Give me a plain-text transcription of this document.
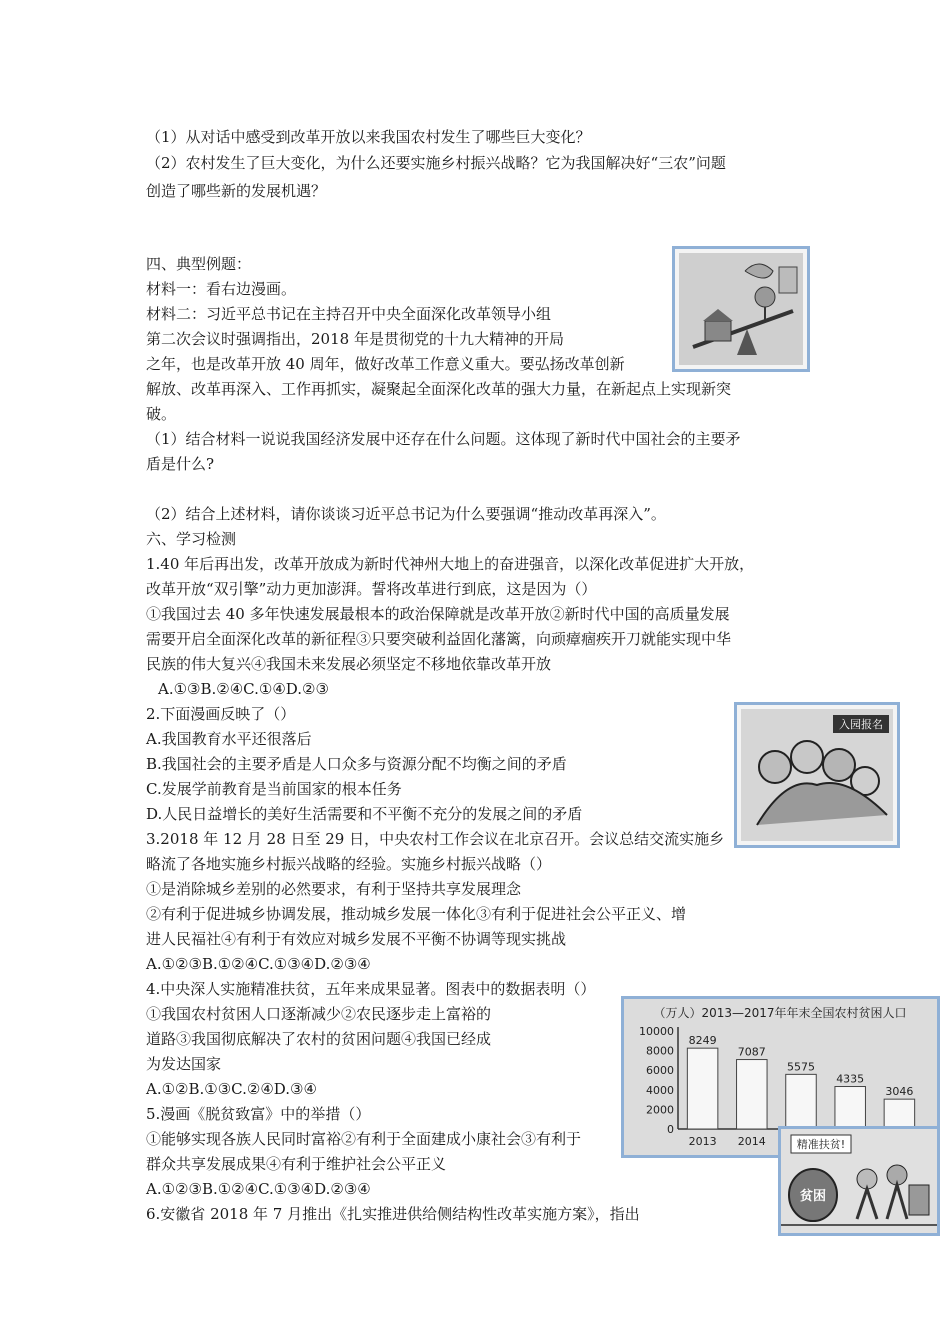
（1）从对话中感受到改革开放以来我国农村发生了哪些巨大变化？
（2）农村发生了巨大变化，为什么还要实施乡村振兴战略？它为我国解决好“三农”问题
创造了哪些新的发展机遇？
四、典型例题：
材料一：看右边漫画。
材料二：习近平总书记在主持召开中央全面深化改革领导小组
第二次会议时强调指出，2018 年是贯彻党的十九大精神的开局
之年，也是改革开放 40 周年，做好改革工作意义重大。要弘扬改革创新
解放、改革再深入、工作再抓实，凝聚起全面深化改革的强大力量，在新起点上实现新突
破。
（1）结合材料一说说我国经济发展中还存在什么问题。这体现了新时代中国社会的主要矛
盾是什么?
（2）结合上述材料，请你谈谈习近平总书记为什么要强调“推动改革再深入”。
六、学习检测
1.40 年后再出发，改革开放成为新时代神州大地上的奋进强音，以深化改革促进扩大开放，
改革开放“双引擎”动力更加澎湃。誓将改革进行到底，这是因为（）
①我国过去 40 多年快速发展最根本的政治保障就是改革开放②新时代中国的高质量发展
需要开启全面深化改革的新征程③只要突破利益固化藩篱，向顽瘴痼疾开刀就能实现中华
民族的伟大复兴④我国未来发展必须坚定不移地依靠改革开放
A.①③B.②④C.①④D.②③
2.下面漫画反映了（）
A.我国教育水平还很落后
B.我国社会的主要矛盾是人口众多与资源分配不均衡之间的矛盾
C.发展学前教育是当前国家的根本任务
D.人民日益增长的美好生活需要和不平衡不充分的发展之间的矛盾
3.2018 年 12 月 28 日至 29 日，中央农村工作会议在北京召开。会议总结交流实施乡
略流了各地实施乡村振兴战略的经验。实施乡村振兴战略（）
①是消除城乡差别的必然要求，有利于坚持共享发展理念
②有利于促进城乡协调发展，推动城乡发展一体化③有利于促进社会公平正义、增
进人民福社④有利于有效应对城乡发展不平衡不协调等现实挑战
A.①②③B.①②④C.①③④D.②③④
4.中央深人实施精准扶贫，五年来成果显著。图表中的数据表明（）
①我国农村贫困人口逐渐减少②农民逐步走上富裕的
道路③我国彻底解决了农村的贫困问题④我国已经成
为发达国家
A.①②B.①③C.②④D.③④
5.漫画《脱贫致富》中的举措（）
①能够实现各族人民同时富裕②有利于全面建成小康社会③有利于
群众共享发展成果④有利于维护社会公平正义
A.①②③B.①②④C.①③④D.②③④
6.安徽省 2018 年 7 月推出《扎实推进供给侧结构性改革实施方案》，指出
入园报名
（万人）2013—2017年年末全国农村贫困人口
10000
8000
6000
4000
2000
0
8249
7087
5575
4335
3046
2013 2014	精准扶贫!
贫困
